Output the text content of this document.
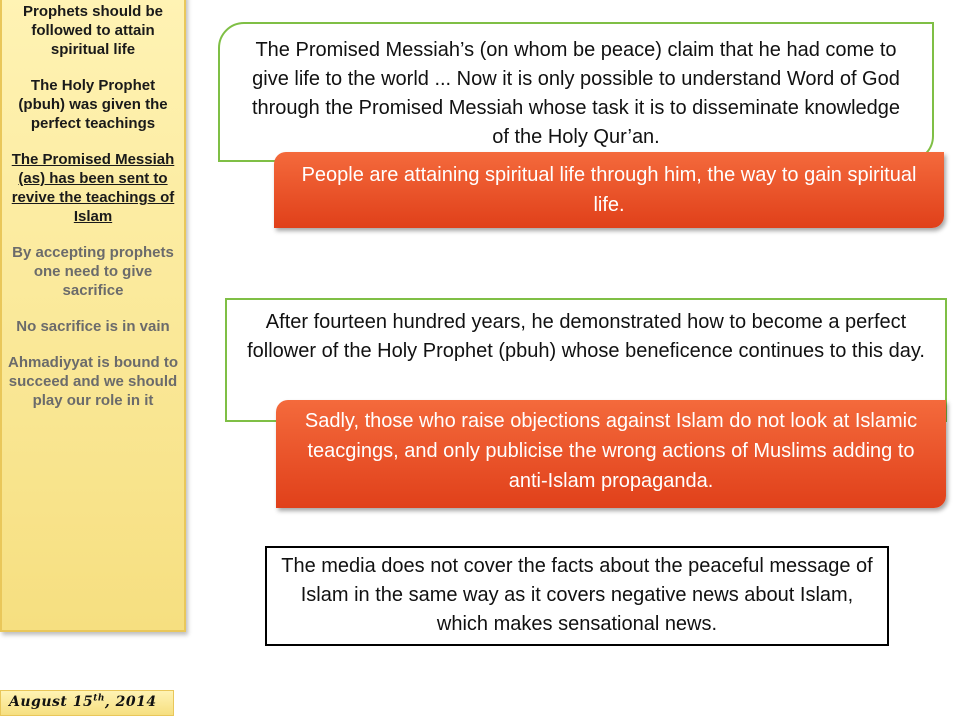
Prophets should be followed to attain spiritual life
The Holy Prophet (pbuh) was given the perfect teachings
The Promised Messiah (as) has been sent to revive the teachings of Islam
By accepting prophets one need to give sacrifice
No sacrifice is in vain
Ahmadiyyat is bound to succeed and we should play our role in it
August 15th, 2014
The Promised Messiah’s (on whom be peace) claim that he had come to give life to the world ... Now it is only possible to understand Word of God through the Promised Messiah whose task it is to disseminate knowledge of the Holy Qur’an.
People are attaining spiritual life through him, the way to gain spiritual life.
After fourteen hundred years, he demonstrated how to become a perfect follower of the Holy Prophet (pbuh) whose beneficence continues to this day.
Sadly, those who raise objections against Islam do not look at Islamic teacgings, and only publicise the wrong actions of Muslims adding to anti-Islam propaganda.
The media does not cover the facts about the peaceful message of Islam in the same way as it covers negative news about Islam, which makes sensational news.
